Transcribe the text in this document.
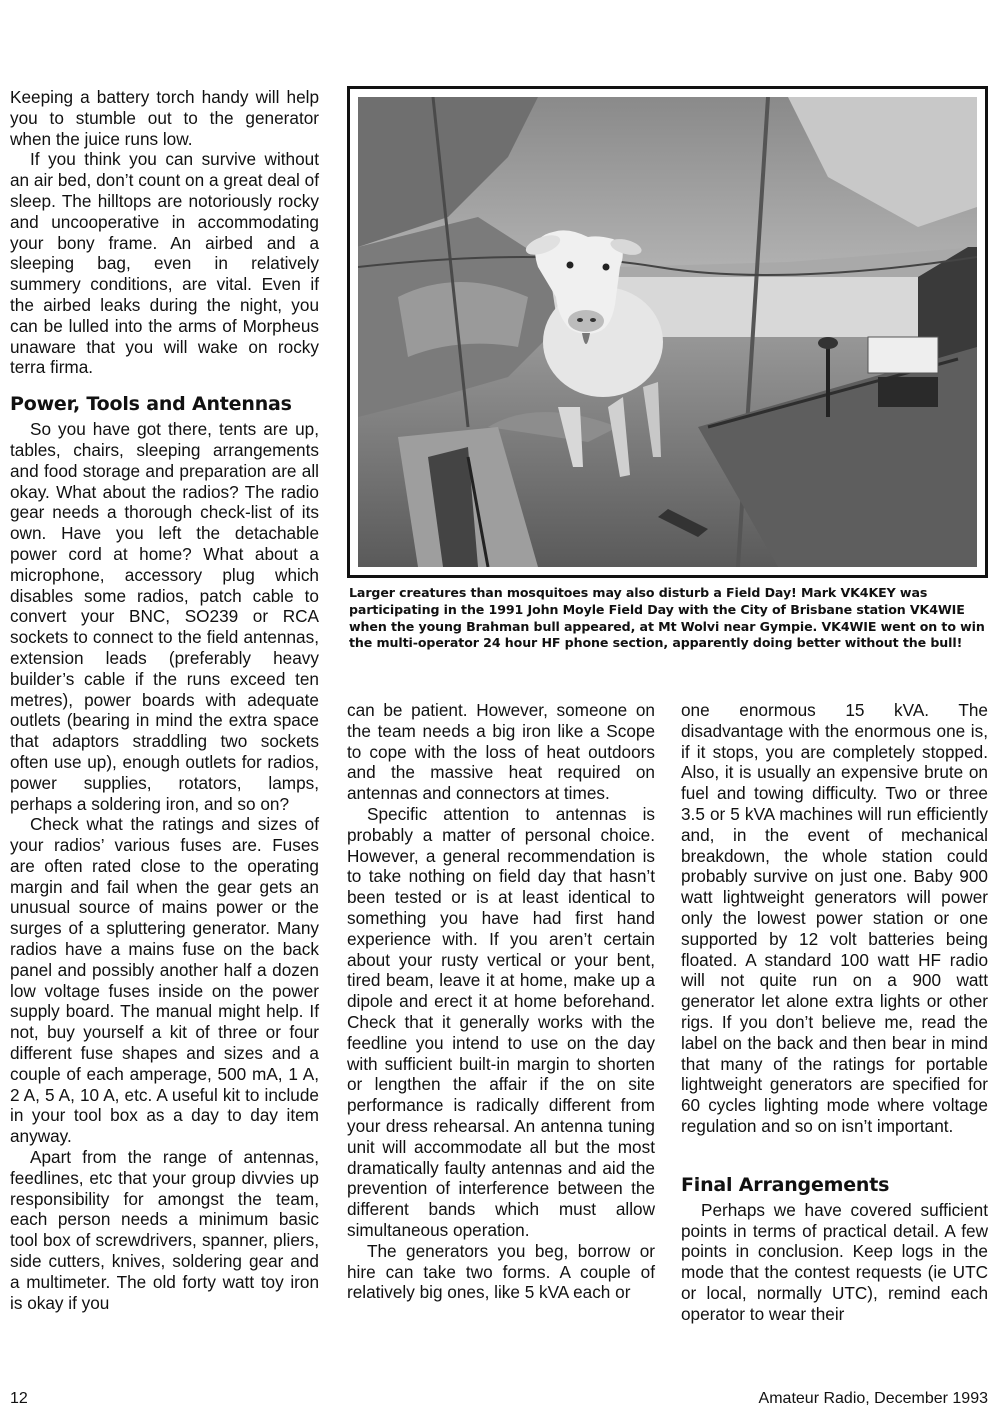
Keeping a battery torch handy will help you to stumble out to the generator when the juice runs low.

If you think you can survive without an air bed, don’t count on a great deal of sleep. The hilltops are notoriously rocky and uncooperative in accommodating your bony frame. An airbed and a sleeping bag, even in relatively summery conditions, are vital. Even if the airbed leaks during the night, you can be lulled into the arms of Morpheus unaware that you will wake on rocky terra firma.

Power, Tools and Antennas

So you have got there, tents are up, tables, chairs, sleeping arrangements and food storage and preparation are all okay. What about the radios? The radio gear needs a thorough check-list of its own. Have you left the detachable power cord at home? What about a microphone, accessory plug which disables some radios, patch cable to convert your BNC, SO239 or RCA sockets to connect to the field antennas, extension leads (preferably heavy builder’s cable if the runs exceed ten metres), power boards with adequate outlets (bearing in mind the extra space that adaptors straddling two sockets often use up), enough outlets for radios, power supplies, rotators, lamps, perhaps a soldering iron, and so on?

Check what the ratings and sizes of your radios’ various fuses are. Fuses are often rated close to the operating margin and fail when the gear gets an unusual source of mains power or the surges of a spluttering generator. Many radios have a mains fuse on the back panel and possibly another half a dozen low voltage fuses inside on the power supply board. The manual might help. If not, buy yourself a kit of three or four different fuse shapes and sizes and a couple of each amperage, 500 mA, 1 A, 2 A, 5 A, 10 A, etc. A useful kit to include in your tool box as a day to day item anyway.

Apart from the range of antennas, feedlines, etc that your group divvies up responsibility for amongst the team, each person needs a minimum basic tool box of screwdrivers, spanner, pliers, side cutters, knives, soldering gear and a multimeter. The old forty watt toy iron is okay if you

Larger creatures than mosquitoes may also disturb a Field Day! Mark VK4KEY was participating in the 1991 John Moyle Field Day with the City of Brisbane station VK4WIE when the young Brahman bull appeared, at Mt Wolvi near Gympie. VK4WIE went on to win the multi-operator 24 hour HF phone section, apparently doing better without the bull!

can be patient. However, someone on the team needs a big iron like a Scope to cope with the loss of heat outdoors and the massive heat required on antennas and connectors at times.

Specific attention to antennas is probably a matter of personal choice. However, a general recommendation is to take nothing on field day that hasn’t been tested or is at least identical to something you have had first hand experience with. If you aren’t certain about your rusty vertical or your bent, tired beam, leave it at home, make up a dipole and erect it at home beforehand. Check that it generally works with the feedline you intend to use on the day with sufficient built-in margin to shorten or lengthen the affair if the on site performance is radically different from your dress rehearsal. An antenna tuning unit will accommodate all but the most dramatically faulty antennas and aid the prevention of interference between the different bands which must allow simultaneous operation.

The generators you beg, borrow or hire can take two forms. A couple of relatively big ones, like 5 kVA each or

one enormous 15 kVA. The disadvantage with the enormous one is, if it stops, you are completely stopped. Also, it is usually an expensive brute on fuel and towing difficulty. Two or three 3.5 or 5 kVA machines will run efficiently and, in the event of mechanical breakdown, the whole station could probably survive on just one. Baby 900 watt lightweight generators will power only the lowest power station or one supported by 12 volt batteries being floated. A standard 100 watt HF radio will not quite run on a 900 watt generator let alone extra lights or other rigs. If you don’t believe me, read the label on the back and then bear in mind that many of the ratings for portable lightweight generators are specified for 60 cycles lighting mode where voltage regulation and so on isn’t important.

Final Arrangements

Perhaps we have covered sufficient points in terms of practical detail. A few points in conclusion. Keep logs in the mode that the contest requests (ie UTC or local, normally UTC), remind each operator to wear their

12	Amateur Radio, December 1993
